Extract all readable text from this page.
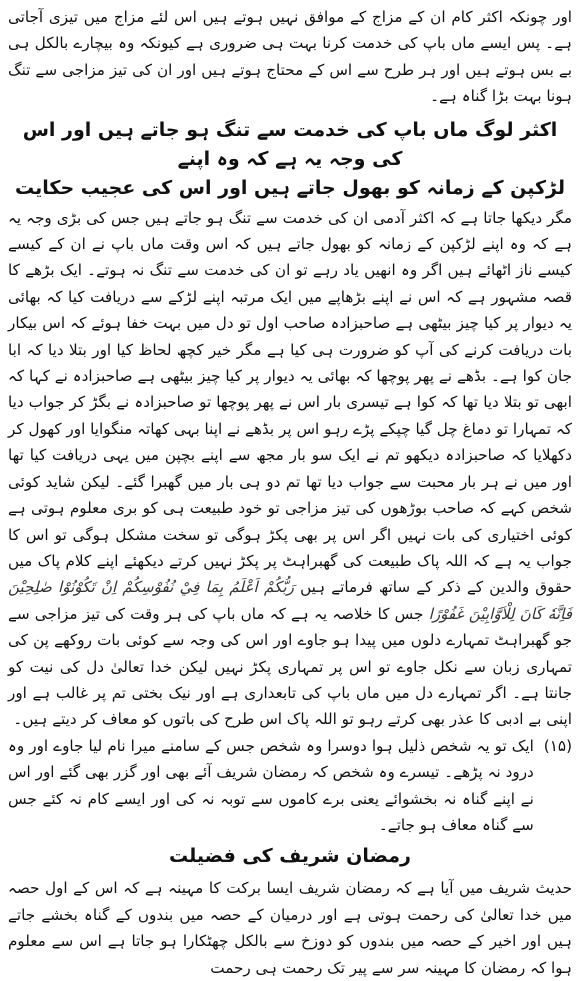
اور چونکہ اکثر کام ان کے مزاج کے موافق نہیں ہوتے ہیں اس لئے مزاج میں تیزی آجاتی ہے۔ پس ایسے ماں باپ کی خدمت کرنا بہت ہی ضروری ہے کیونکہ وہ بیچارے بالکل ہی بے بس ہوتے ہیں اور ہر طرح سے اس کے محتاج ہوتے ہیں اور ان کی تیز مزاجی سے تنگ ہونا بہت بڑا گناہ ہے۔

اکثر لوگ ماں باپ کی خدمت سے تنگ ہو جاتے ہیں اور اس کی وجہ یہ ہے کہ وہ اپنے
لڑکپن کے زمانہ کو بھول جاتے ہیں اور اس کی عجیب حکایت

مگر دیکھا جاتا ہے کہ اکثر آدمی ان کی خدمت سے تنگ ہو جاتے ہیں جس کی بڑی وجہ یہ ہے کہ وہ اپنے لڑکپن کے زمانہ کو بھول جاتے ہیں کہ اس وقت ماں باپ نے ان کے کیسے کیسے ناز اٹھائے ہیں اگر وہ انھیں یاد رہے تو ان کی خدمت سے تنگ نہ ہوتے۔ ایک بڑھے کا قصہ مشہور ہے کہ اس نے اپنے بڑھاپے میں ایک مرتبہ اپنے لڑکے سے دریافت کیا کہ بھائی یہ دیوار پر کیا چیز بیٹھی ہے صاحبزادہ صاحب اول تو دل میں بہت خفا ہوئے کہ اس بیکار بات دریافت کرنے کی آپ کو ضرورت ہی کیا ہے مگر خیر کچھ لحاظ کیا اور بتلا دیا کہ ابا جان کوا ہے۔ بڈھے نے پھر پوچھا کہ بھائی یہ دیوار پر کیا چیز بیٹھی ہے صاحبزادہ نے کہا کہ ابھی تو بتلا دیا تھا کہ کوا ہے تیسری بار اس نے پھر پوچھا تو صاحبزادہ نے بگڑ کر جواب دیا کہ تمہارا تو دماغ چل گیا چپکے پڑے رہو اس پر بڈھے نے اپنا بہی کھاتہ منگوایا اور کھول کر دکھلایا کہ صاحبزادہ دیکھو تم نے ایک سو بار مجھ سے اپنے بچپن میں یہی دریافت کیا تھا اور میں نے ہر بار محبت سے جواب دیا تھا تم دو ہی بار میں گھبرا گئے۔ لیکن شاید کوئی شخص کہے کہ صاحب بوڑھوں کی تیز مزاجی تو خود طبیعت ہی کو بری معلوم ہوتی ہے کوئی اختیاری کی بات نہیں اگر اس پر بھی پکڑ ہوگی تو سخت مشکل ہوگی تو اس کا جواب یہ ہے کہ اللہ پاک طبیعت کی گھبراہٹ پر پکڑ نہیں کرتے دیکھئے اپنے کلام پاک میں حقوق والدین کے ذکر کے ساتھ فرماتے ہیں رَبُّكُمْ اَعْلَمُ بِمَا فِيْ نُفُوْسِكُمْ اِنْ تَكُوْنُوْا صٰلِحِيْنَ فَاِنَّهٗ كَانَ لِلْاَوَّابِيْنَ غَفُوْرًا جس کا خلاصہ یہ ہے کہ ماں باپ کی ہر وقت کی تیز مزاجی سے جو گھبراہٹ تمہارے دلوں میں پیدا ہو جاوے اور اس کی وجہ سے کوئی بات روکھے پن کی تمہاری زبان سے نکل جاوے تو اس پر تمہاری پکڑ نہیں لیکن خدا تعالیٰ دل کی نیت کو جانتا ہے۔ اگر تمہارے دل میں ماں باپ کی تابعداری ہے اور نیک بختی تم پر غالب ہے اور اپنی بے ادبی کا عذر بھی کرتے رہو تو اللہ پاک اس طرح کی باتوں کو معاف کر دیتے ہیں۔

(۱۵)

ایک تو یہ شخص ذلیل ہوا دوسرا وہ شخص جس کے سامنے میرا نام لیا جاوے اور وہ درود نہ پڑھے۔ تیسرے وہ شخص کہ رمضان شریف آئے بھی اور گزر بھی گئے اور اس نے اپنے گناہ نہ بخشوائے یعنی برے کاموں سے توبہ نہ کی اور ایسے کام نہ کئے جس سے گناہ معاف ہو جاتے۔

رمضان شریف کی فضیلت

حدیث شریف میں آیا ہے کہ رمضان شریف ایسا برکت کا مہینہ ہے کہ اس کے اول حصہ میں خدا تعالیٰ کی رحمت ہوتی ہے اور درمیان کے حصہ میں بندوں کے گناہ بخشے جاتے ہیں اور اخیر کے حصہ میں بندوں کو دوزخ سے بالکل چھٹکارا ہو جاتا ہے اس سے معلوم ہوا کہ رمضان کا مہینہ سر سے پیر تک رحمت ہی رحمت
